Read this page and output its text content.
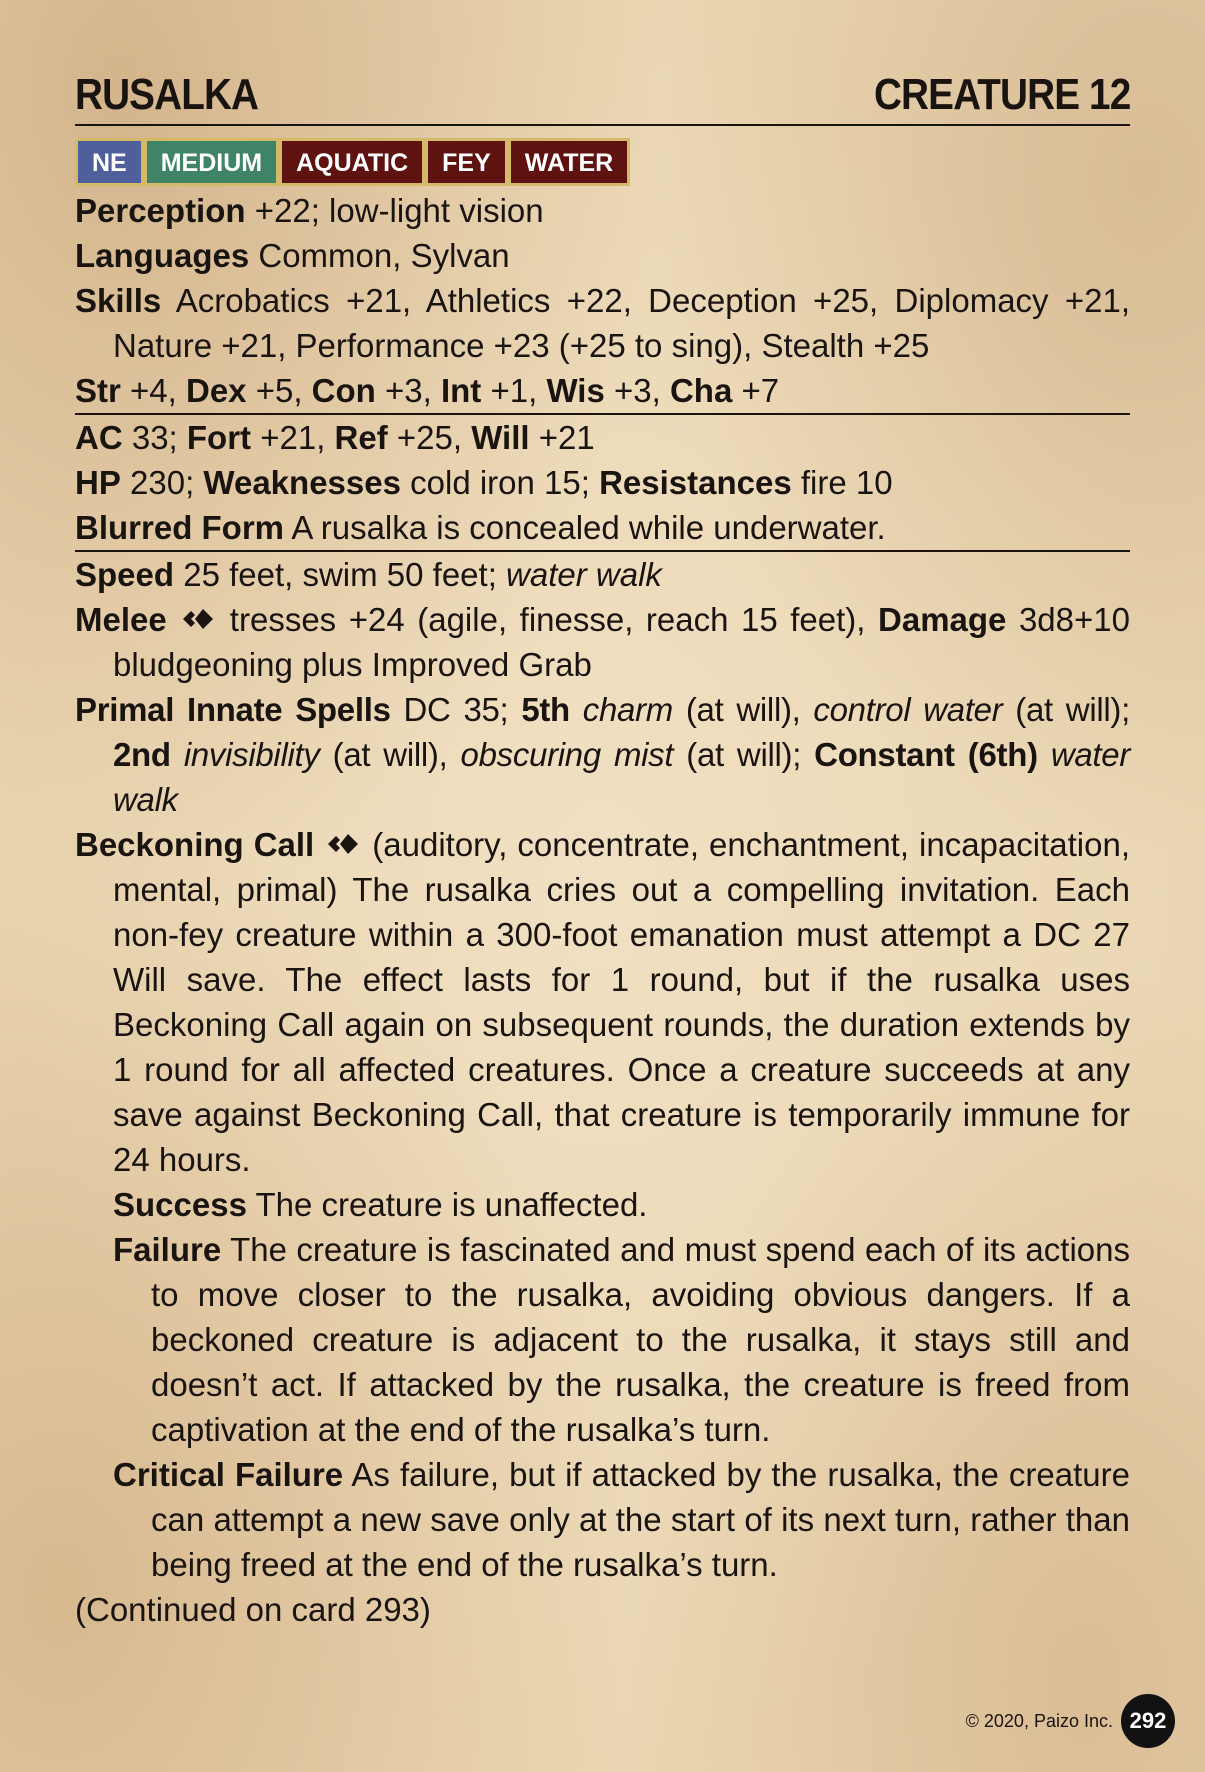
RUSALKA	CREATURE 12
NE	MEDIUM	AQUATIC	FEY	WATER
Perception +22; low-light vision
Languages Common, Sylvan
Skills Acrobatics +21, Athletics +22, Deception +25, Diplomacy +21, Nature +21, Performance +23 (+25 to sing), Stealth +25
Str +4, Dex +5, Con +3, Int +1, Wis +3, Cha +7
AC 33; Fort +21, Ref +25, Will +21
HP 230; Weaknesses cold iron 15; Resistances fire 10
Blurred Form A rusalka is concealed while underwater.
Speed 25 feet, swim 50 feet; water walk
Melee  tresses +24 (agile, finesse, reach 15 feet), Damage 3d8+10 bludgeoning plus Improved Grab
Primal Innate Spells DC 35; 5th charm (at will), control water (at will); 2nd invisibility (at will), obscuring mist (at will); Constant (6th) water walk
Beckoning Call  (auditory, concentrate, enchantment, incapacitation, mental, primal) The rusalka cries out a compelling invitation. Each non-fey creature within a 300-foot emanation must attempt a DC 27 Will save. The effect lasts for 1 round, but if the rusalka uses Beckoning Call again on subsequent rounds, the duration extends by 1 round for all affected creatures. Once a creature succeeds at any save against Beckoning Call, that creature is temporarily immune for 24 hours.
Success The creature is unaffected.
Failure The creature is fascinated and must spend each of its actions to move closer to the rusalka, avoiding obvious dangers. If a beckoned creature is adjacent to the rusalka, it stays still and doesn’t act. If attacked by the rusalka, the creature is freed from captivation at the end of the rusalka’s turn.
Critical Failure As failure, but if attacked by the rusalka, the creature can attempt a new save only at the start of its next turn, rather than being freed at the end of the rusalka’s turn.
(Continued on card 293)
© 2020, Paizo Inc. 292
